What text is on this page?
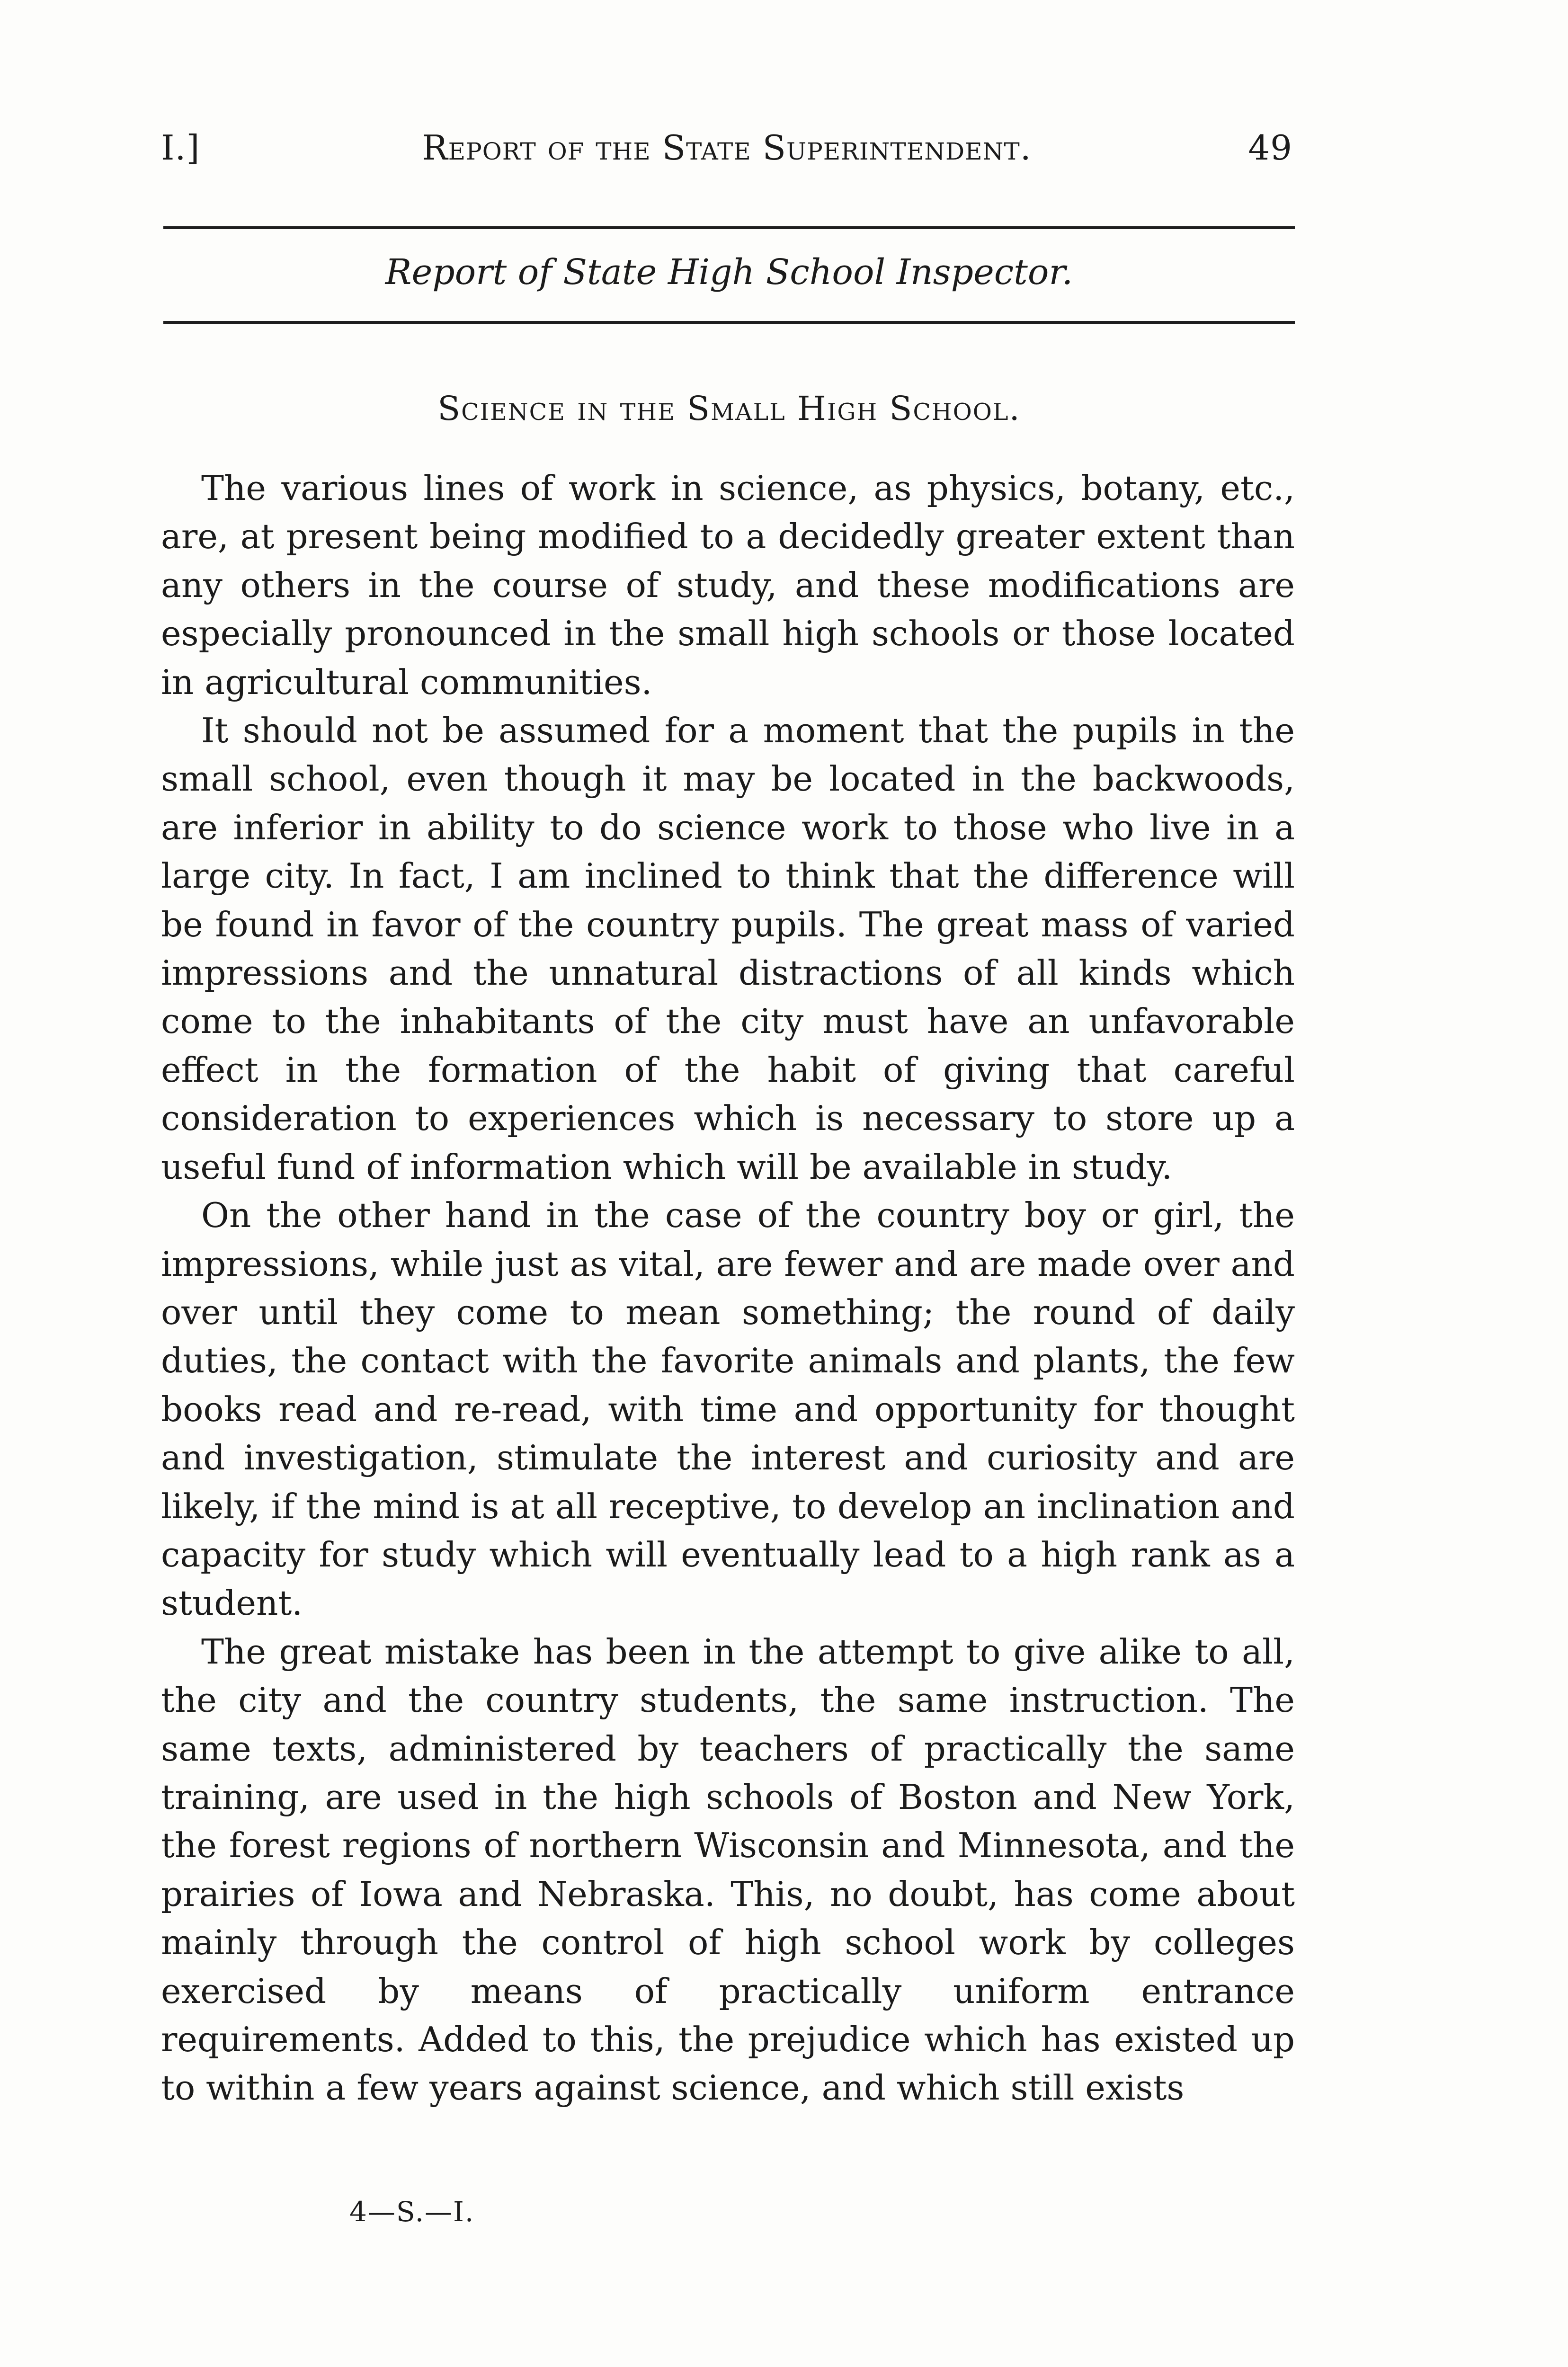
I.]	Report of the State Superintendent.	49
Report of State High School Inspector.
Science in the Small High School.

The various lines of work in science, as physics, botany, etc., are, at present being modified to a decidedly greater extent than any others in the course of study, and these modifications are especially pronounced in the small high schools or those located in agricultural communities.

It should not be assumed for a moment that the pupils in the small school, even though it may be located in the backwoods, are inferior in ability to do science work to those who live in a large city. In fact, I am inclined to think that the difference will be found in favor of the country pupils. The great mass of varied impressions and the unnatural distractions of all kinds which come to the inhabitants of the city must have an unfavorable effect in the formation of the habit of giving that careful consideration to experiences which is necessary to store up a useful fund of information which will be available in study.

On the other hand in the case of the country boy or girl, the impressions, while just as vital, are fewer and are made over and over until they come to mean something; the round of daily duties, the contact with the favorite animals and plants, the few books read and re-read, with time and opportunity for thought and investigation, stimulate the interest and curiosity and are likely, if the mind is at all receptive, to develop an inclination and capacity for study which will eventually lead to a high rank as a student.

The great mistake has been in the attempt to give alike to all, the city and the country students, the same instruction. The same texts, administered by teachers of practically the same training, are used in the high schools of Boston and New York, the forest regions of northern Wisconsin and Minnesota, and the prairies of Iowa and Nebraska. This, no doubt, has come about mainly through the control of high school work by colleges exercised by means of practically uniform entrance requirements. Added to this, the prejudice which has existed up to within a few years against science, and which still exists

4—S.—I.
